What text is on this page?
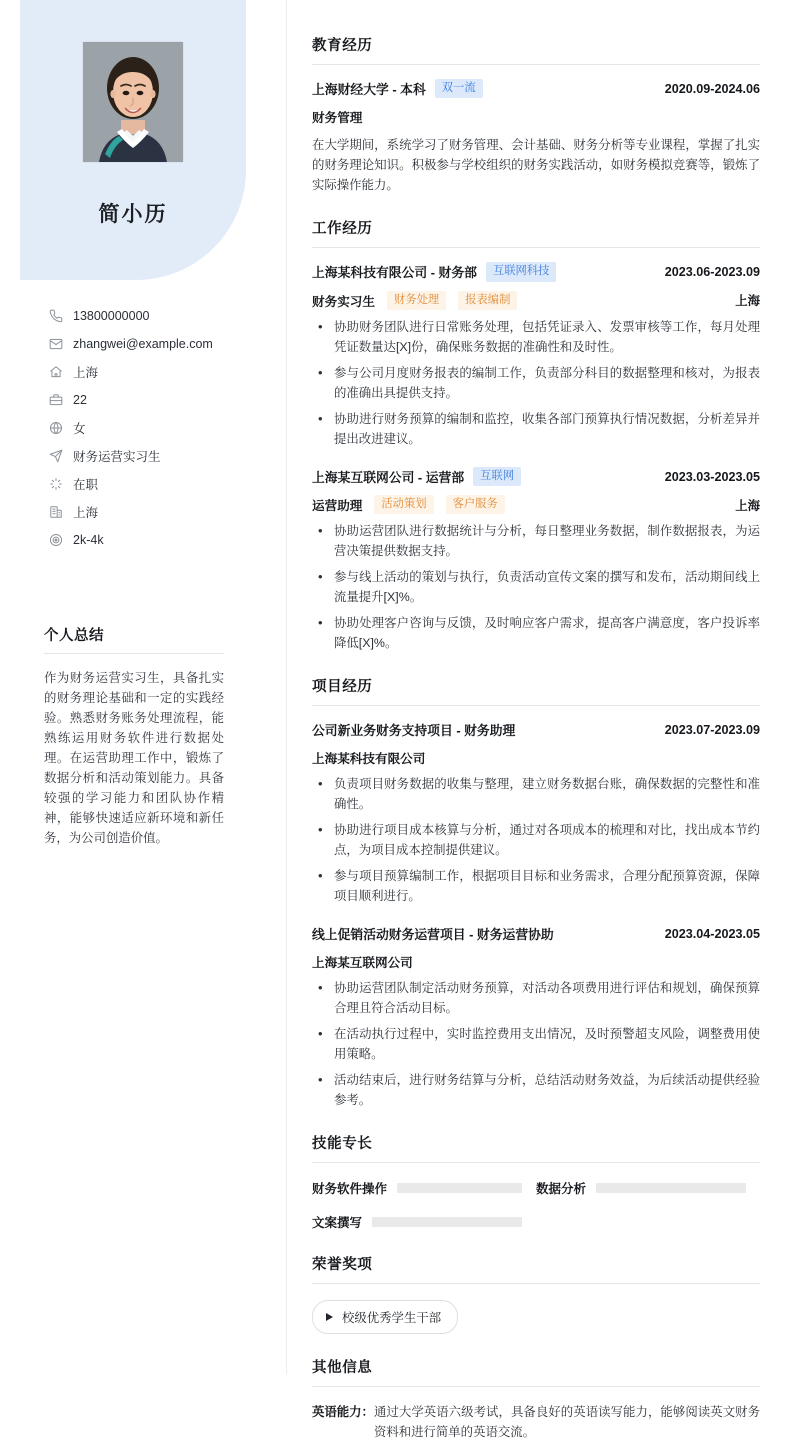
简小历
13800000000
zhangwei@example.com
上海
22
女
财务运营实习生
在职
上海
2k-4k
个人总结
作为财务运营实习生，具备扎实的财务理论基础和一定的实践经验。熟悉财务账务处理流程，能熟练运用财务软件进行数据处理。在运营助理工作中，锻炼了数据分析和活动策划能力。具备较强的学习能力和团队协作精神，能够快速适应新环境和新任务，为公司创造价值。
教育经历
上海财经大学 - 本科	双一流	2020.09-2024.06
财务管理
在大学期间，系统学习了财务管理、会计基础、财务分析等专业课程，掌握了扎实的财务理论知识。积极参与学校组织的财务实践活动，如财务模拟竞赛等，锻炼了实际操作能力。
工作经历
上海某科技有限公司 - 财务部	互联网科技	2023.06-2023.09
财务实习生	财务处理	报表编制	上海
• 协助财务团队进行日常账务处理，包括凭证录入、发票审核等工作，每月处理凭证数量达[X]份，确保账务数据的准确性和及时性。
• 参与公司月度财务报表的编制工作，负责部分科目的数据整理和核对，为报表的准确出具提供支持。
• 协助进行财务预算的编制和监控，收集各部门预算执行情况数据，分析差异并提出改进建议。
上海某互联网公司 - 运营部	互联网	2023.03-2023.05
运营助理	活动策划	客户服务	上海
• 协助运营团队进行数据统计与分析，每日整理业务数据，制作数据报表，为运营决策提供数据支持。
• 参与线上活动的策划与执行，负责活动宣传文案的撰写和发布，活动期间线上流量提升[X]%。
• 协助处理客户咨询与反馈，及时响应客户需求，提高客户满意度，客户投诉率降低[X]%。
项目经历
公司新业务财务支持项目 - 财务助理	2023.07-2023.09
上海某科技有限公司
• 负责项目财务数据的收集与整理，建立财务数据台账，确保数据的完整性和准确性。
• 协助进行项目成本核算与分析，通过对各项成本的梳理和对比，找出成本节约点，为项目成本控制提供建议。
• 参与项目预算编制工作，根据项目目标和业务需求，合理分配预算资源，保障项目顺利进行。
线上促销活动财务运营项目 - 财务运营协助	2023.04-2023.05
上海某互联网公司
• 协助运营团队制定活动财务预算，对活动各项费用进行评估和规划，确保预算合理且符合活动目标。
• 在活动执行过程中，实时监控费用支出情况，及时预警超支风险，调整费用使用策略。
• 活动结束后，进行财务结算与分析，总结活动财务效益，为后续活动提供经验参考。
技能专长
财务软件操作	数据分析
文案撰写
荣誉奖项
校级优秀学生干部
其他信息
英语能力： 通过大学英语六级考试，具备良好的英语读写能力，能够阅读英文财务资料和进行简单的英语交流。
